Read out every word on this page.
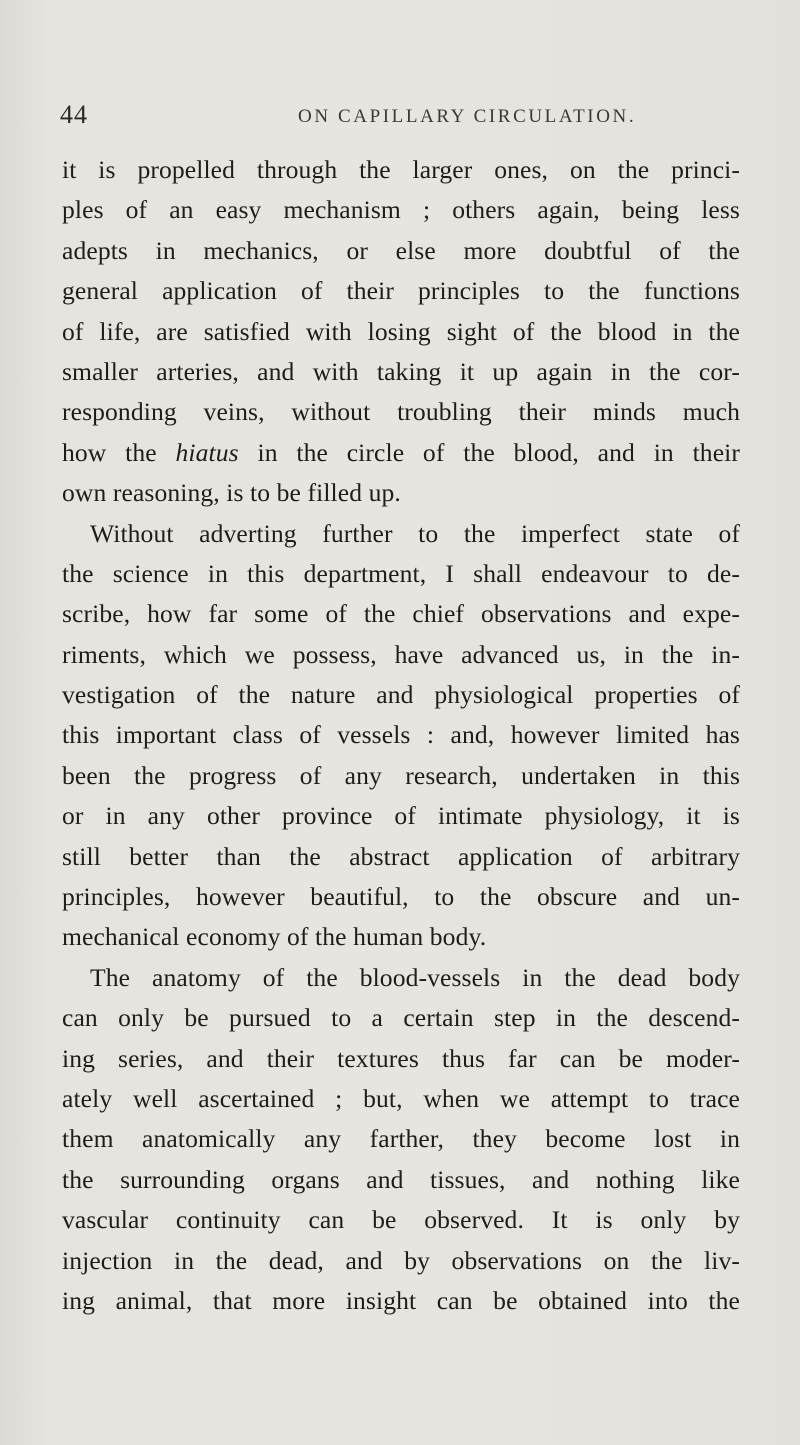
44	ON CAPILLARY CIRCULATION.
it is propelled through the larger ones, on the princi-
ples of an easy mechanism ; others again, being less
adepts in mechanics, or else more doubtful of the
general application of their principles to the functions
of life, are satisfied with losing sight of the blood in the
smaller arteries, and with taking it up again in the cor-
responding veins, without troubling their minds much
how the hiatus in the circle of the blood, and in their
own reasoning, is to be filled up.
Without adverting further to the imperfect state of
the science in this department, I shall endeavour to de-
scribe, how far some of the chief observations and expe-
riments, which we possess, have advanced us, in the in-
vestigation of the nature and physiological properties of
this important class of vessels : and, however limited has
been the progress of any research, undertaken in this
or in any other province of intimate physiology, it is
still better than the abstract application of arbitrary
principles, however beautiful, to the obscure and un-
mechanical economy of the human body.
The anatomy of the blood-vessels in the dead body
can only be pursued to a certain step in the descend-
ing series, and their textures thus far can be moder-
ately well ascertained ; but, when we attempt to trace
them anatomically any farther, they become lost in
the surrounding organs and tissues, and nothing like
vascular continuity can be observed. It is only by
injection in the dead, and by observations on the liv-
ing animal, that more insight can be obtained into the
